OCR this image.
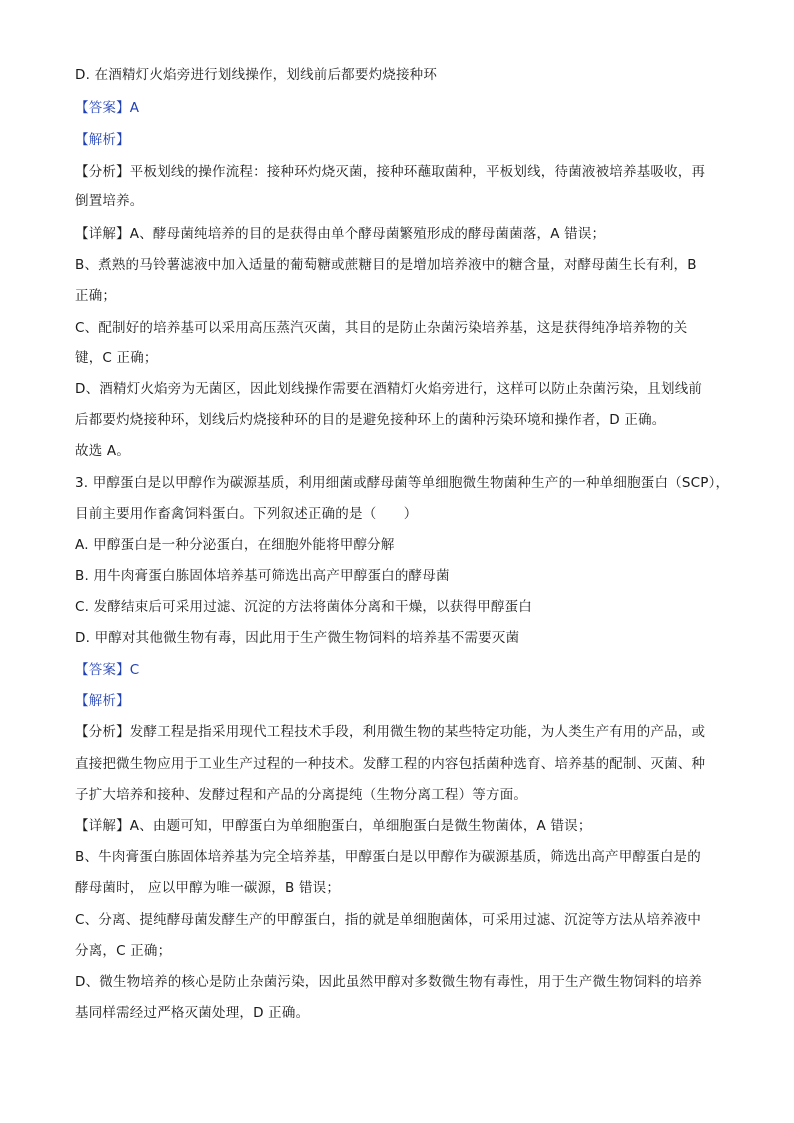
D. 在酒精灯火焰旁进行划线操作，划线前后都要灼烧接种环
【答案】A
【解析】
【分析】平板划线的操作流程：接种环灼烧灭菌，接种环蘸取菌种，平板划线，待菌液被培养基吸收，再
倒置培养。
【详解】A、酵母菌纯培养的目的是获得由单个酵母菌繁殖形成的酵母菌菌落，A 错误；
B、煮熟的马铃薯滤液中加入适量的葡萄糖或蔗糖目的是增加培养液中的糖含量，对酵母菌生长有利，B
正确；
C、配制好的培养基可以采用高压蒸汽灭菌，其目的是防止杂菌污染培养基，这是获得纯净培养物的关
键，C 正确；
D、酒精灯火焰旁为无菌区，因此划线操作需要在酒精灯火焰旁进行，这样可以防止杂菌污染，且划线前
后都要灼烧接种环，划线后灼烧接种环的目的是避免接种环上的菌种污染环境和操作者，D 正确。
故选 A。
3. 甲醇蛋白是以甲醇作为碳源基质，利用细菌或酵母菌等单细胞微生物菌种生产的一种单细胞蛋白（SCP），
目前主要用作畜禽饲料蛋白。下列叙述正确的是（　　）
A. 甲醇蛋白是一种分泌蛋白，在细胞外能将甲醇分解
B. 用牛肉膏蛋白胨固体培养基可筛选出高产甲醇蛋白的酵母菌
C. 发酵结束后可采用过滤、沉淀的方法将菌体分离和干燥，以获得甲醇蛋白
D. 甲醇对其他微生物有毒，因此用于生产微生物饲料的培养基不需要灭菌
【答案】C
【解析】
【分析】发酵工程是指采用现代工程技术手段，利用微生物的某些特定功能，为人类生产有用的产品，或
直接把微生物应用于工业生产过程的一种技术。发酵工程的内容包括菌种选育、培养基的配制、灭菌、种
子扩大培养和接种、发酵过程和产品的分离提纯（生物分离工程）等方面。
【详解】A、由题可知，甲醇蛋白为单细胞蛋白，单细胞蛋白是微生物菌体，A 错误；
B、牛肉膏蛋白胨固体培养基为完全培养基，甲醇蛋白是以甲醇作为碳源基质，筛选出高产甲醇蛋白是的
酵母菌时， 应以甲醇为唯一碳源，B 错误；
C、分离、提纯酵母菌发酵生产的甲醇蛋白，指的就是单细胞菌体，可采用过滤、沉淀等方法从培养液中
分离，C 正确；
D、微生物培养的核心是防止杂菌污染，因此虽然甲醇对多数微生物有毒性，用于生产微生物饲料的培养
基同样需经过严格灭菌处理，D 正确。
